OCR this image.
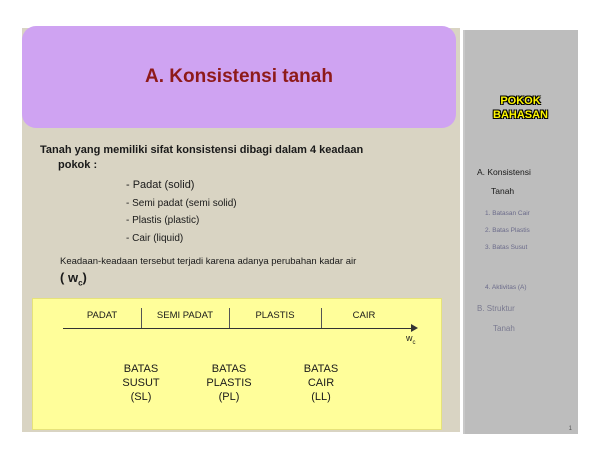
A. Konsistensi tanah
POKOK
BAHASAN
A. Konsistensi
Tanah
1. Batasan Cair
2. Batas Plastis
3. Batas Susut
4. Aktivitas (A)
B. Struktur
Tanah
1
Tanah yang memiliki sifat konsistensi dibagi dalam 4 keadaan
pokok :
- Padat (solid)
- Semi padat (semi solid)
- Plastis (plastic)
- Cair (liquid)
Keadaan-keadaan tersebut terjadi karena adanya perubahan kadar air
( $w_c$)
PADAT	SEMI PADAT	PLASTIS	CAIR
$w_c$
BATAS
SUSUT
(SL)
BATAS
PLASTIS
(PL)
BATAS
CAIR
(LL)
